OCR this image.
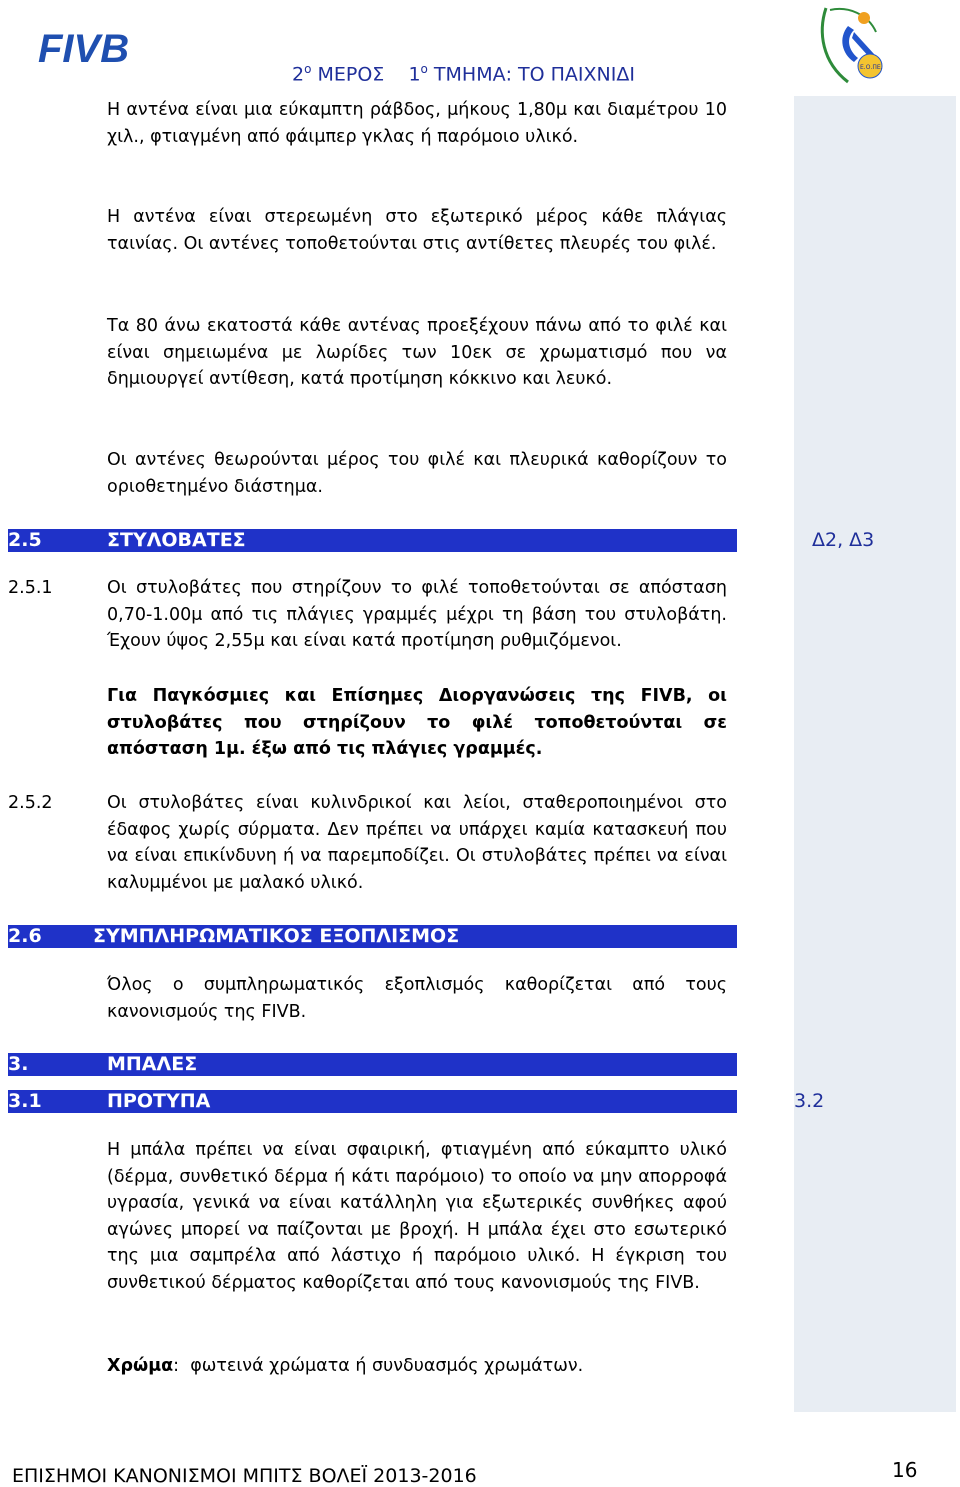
FIVB	Ε.Ο.ΠΕ.
$2^o$ ΜΕΡΟΣ    $1^o$ ΤΜΗΜΑ: ΤΟ ΠΑΙΧΝΙΔΙ
Η αντένα είναι μια εύκαμπτη ράβδος, μήκους 1,80μ και διαμέτρου 10 χιλ., φτιαγμένη από φάιμπερ γκλας ή παρόμοιο υλικό.
Η αντένα είναι στερεωμένη στο εξωτερικό μέρος κάθε πλάγιας ταινίας. Οι αντένες τοποθετούνται στις αντίθετες πλευρές του φιλέ.
Τα 80 άνω εκατοστά κάθε αντένας προεξέχουν πάνω από το φιλέ και είναι σημειωμένα με λωρίδες των 10εκ σε χρωματισμό που να δημιουργεί αντίθεση, κατά προτίμηση κόκκινο και λευκό.
Οι αντένες θεωρούνται μέρος του φιλέ και πλευρικά καθορίζουν το οριοθετημένο διάστημα.
2.5	ΣΤΥΛΟΒΑΤΕΣ	Δ2, Δ3
2.5.1	Οι στυλοβάτες που στηρίζουν το φιλέ τοποθετούνται σε απόσταση 0,70-1.00μ από τις πλάγιες γραμμές μέχρι τη βάση του στυλοβάτη. Έχουν ύψος 2,55μ και είναι κατά προτίμηση ρυθμιζόμενοι.
Για Παγκόσμιες και Επίσημες Διοργανώσεις της FIVB, οι στυλοβάτες που στηρίζουν το φιλέ τοποθετούνται σε απόσταση 1μ. έξω από τις πλάγιες γραμμές.
2.5.2	Οι στυλοβάτες είναι κυλινδρικοί και λείοι, σταθεροποιημένοι στο έδαφος χωρίς σύρματα. Δεν πρέπει να υπάρχει καμία κατασκευή που να είναι επικίνδυνη ή να παρεμποδίζει. Οι στυλοβάτες πρέπει να είναι καλυμμένοι με μαλακό υλικό.
2.6	ΣΥΜΠΛΗΡΩΜΑΤΙΚΟΣ ΕΞΟΠΛΙΣΜΟΣ
Όλος ο συμπληρωματικός εξοπλισμός καθορίζεται από τους κανονισμούς της FIVB.
3.	ΜΠΑΛΕΣ
3.1	ΠΡΟΤΥΠΑ	3.2
Η μπάλα πρέπει να είναι σφαιρική, φτιαγμένη από εύκαμπτο υλικό (δέρμα, συνθετικό δέρμα ή κάτι παρόμοιο) το οποίο να μην απορροφά υγρασία, γενικά να είναι κατάλληλη για εξωτερικές συνθήκες αφού αγώνες μπορεί να παίζονται με βροχή. Η μπάλα έχει στο εσωτερικό της μια σαμπρέλα από λάστιχο ή παρόμοιο υλικό. Η έγκριση του συνθετικού δέρματος καθορίζεται από τους κανονισμούς της FIVB.
Χρώμα: φωτεινά χρώματα ή συνδυασμός χρωμάτων.
ΕΠΙΣΗΜΟΙ ΚΑΝΟΝΙΣΜΟΙ ΜΠΙΤΣ ΒΟΛΕΪ 2013-2016	16
